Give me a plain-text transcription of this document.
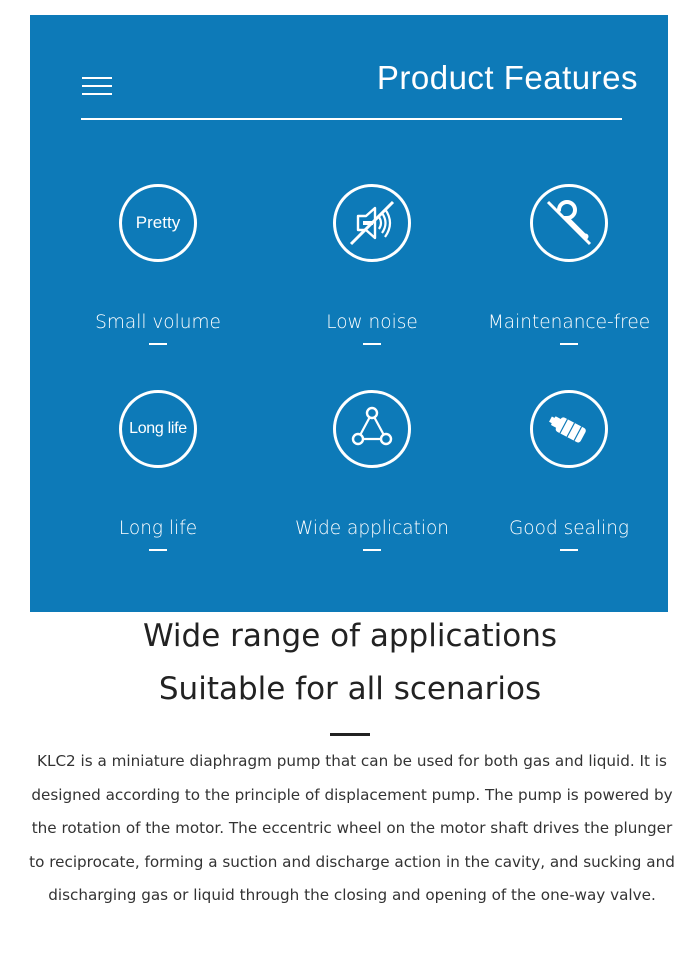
Product Features
Pretty
Small volume	Low noise	Maintenance-free
Long life
Long life	Wide application	Good sealing
Wide range of applications
Suitable for all scenarios
KLC2 is a miniature diaphragm pump that can be used for both gas and liquid. It is designed according to the principle of displacement pump. The pump is powered by the rotation of the motor. The eccentric wheel on the motor shaft drives the plunger to reciprocate, forming a suction and discharge action in the cavity, and sucking and discharging gas or liquid through the closing and opening of the one-way valve.
